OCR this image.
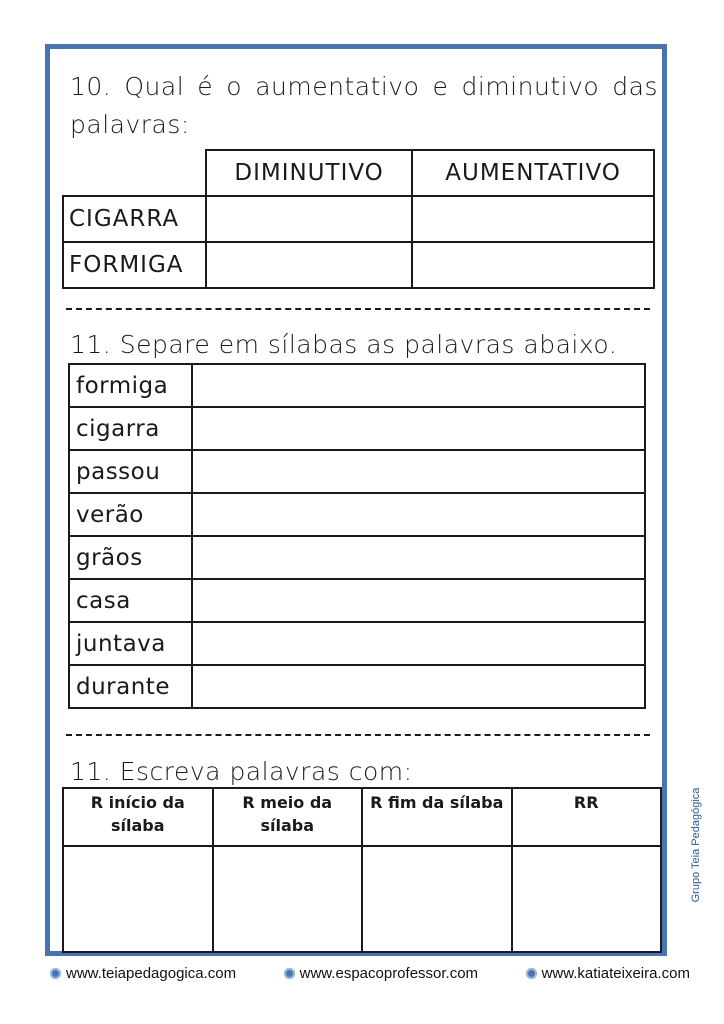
10. Qual é o aumentativo e diminutivo das palavras:
	DIMINUTIVO	AUMENTATIVO
CIGARRA		
FORMIGA		
11. Separe em sílabas as palavras abaixo.
formiga	
cigarra	
passou	
verão	
grãos	
casa	
juntava	
durante	
11. Escreva palavras com:
R início da sílaba	R meio da sílaba	R fim da sílaba	RR
				Grupo Teia Pedagógica
www.teiapedagogica.com	www.espacoprofessor.com	www.katiateixeira.com
